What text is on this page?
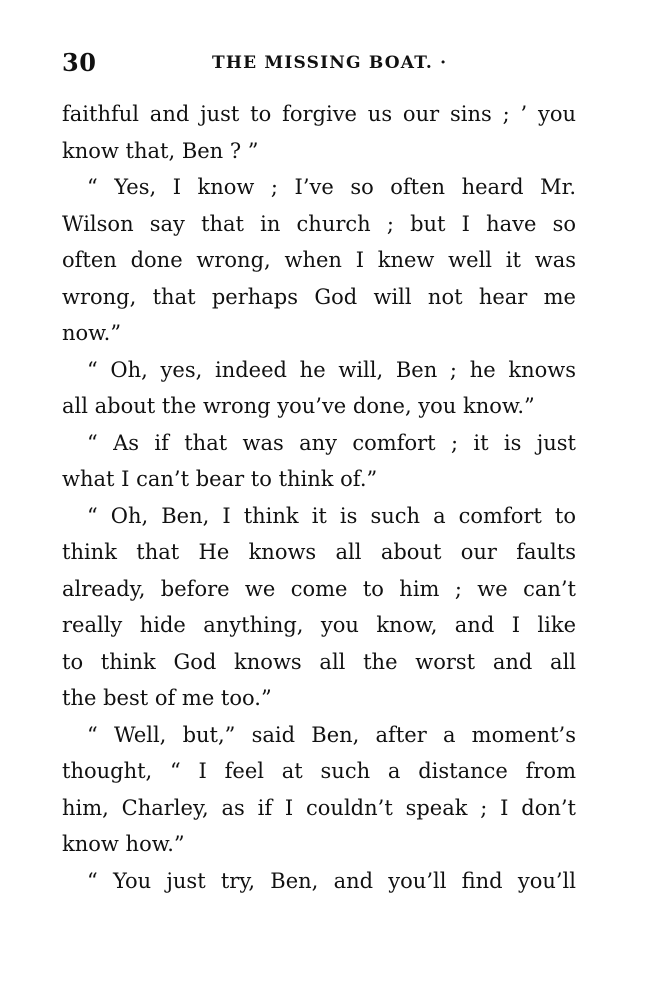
30	THE MISSING BOAT. ·
faithful and just to forgive us our sins ; ’ you
know that, Ben ? ”
“ Yes, I know ; I’ve so often heard Mr.
Wilson say that in church ; but I have so
often done wrong, when I knew well it was
wrong, that perhaps God will not hear me
now.”
“ Oh, yes, indeed he will, Ben ; he knows
all about the wrong you’ve done, you know.”
“ As if that was any comfort ; it is just
what I can’t bear to think of.”
“ Oh, Ben, I think it is such a comfort to
think that He knows all about our faults
already, before we come to him ; we can’t
really hide anything, you know, and I like
to think God knows all the worst and all
the best of me too.”
“ Well, but,” said Ben, after a moment’s
thought, “ I feel at such a distance from
him, Charley, as if I couldn’t speak ; I don’t
know how.”
“ You just try, Ben, and you’ll find you’ll
